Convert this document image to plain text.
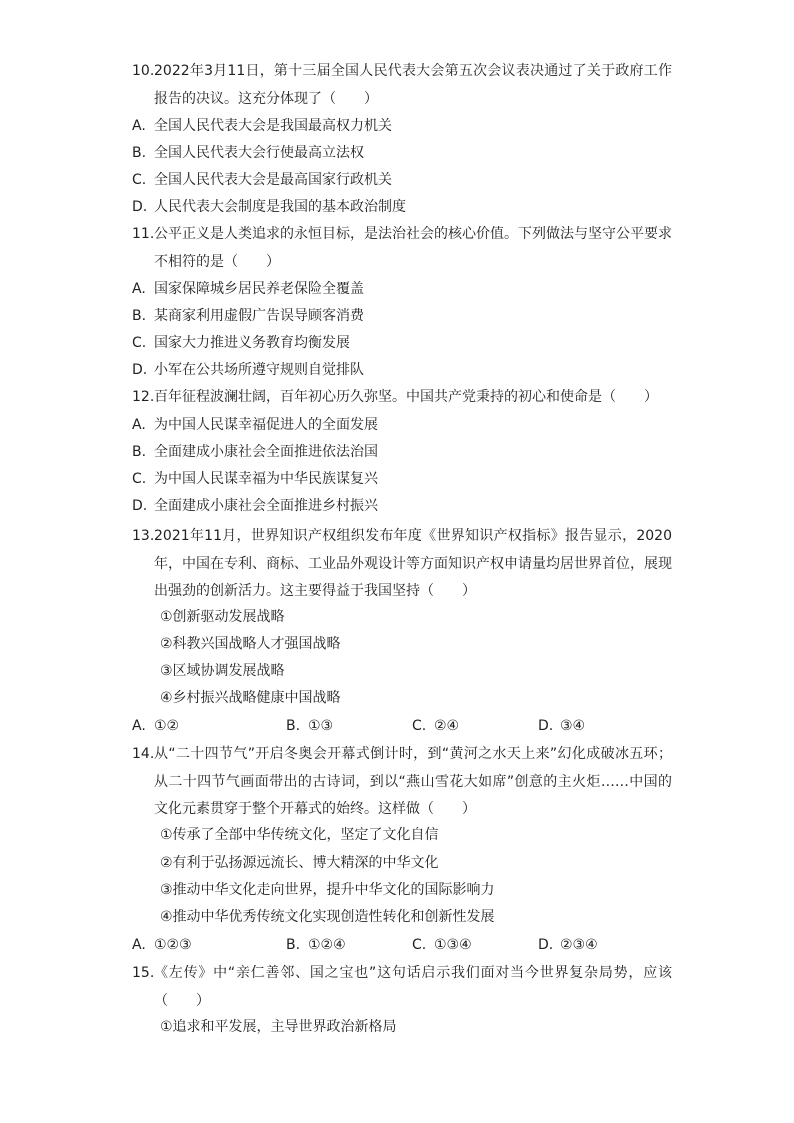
10. 2022年3月11日，第十三届全国人民代表大会第五次会议表决通过了关于政府工作报告的决议。这充分体现了（　　）
A. 全国人民代表大会是我国最高权力机关
B. 全国人民代表大会行使最高立法权
C. 全国人民代表大会是最高国家行政机关
D. 人民代表大会制度是我国的基本政治制度
11. 公平正义是人类追求的永恒目标，是法治社会的核心价值。下列做法与坚守公平要求不相符的是（　　）
A. 国家保障城乡居民养老保险全覆盖
B. 某商家利用虚假广告误导顾客消费
C. 国家大力推进义务教育均衡发展
D. 小军在公共场所遵守规则自觉排队
12. 百年征程波澜壮阔，百年初心历久弥坚。中国共产党秉持的初心和使命是（　　）
A. 为中国人民谋幸福促进人的全面发展
B. 全面建成小康社会全面推进依法治国
C. 为中国人民谋幸福为中华民族谋复兴
D. 全面建成小康社会全面推进乡村振兴
13. 2021年11月，世界知识产权组织发布年度《世界知识产权指标》报告显示，2020年，中国在专利、商标、工业品外观设计等方面知识产权申请量均居世界首位，展现出强劲的创新活力。这主要得益于我国坚持（　　）
①创新驱动发展战略
②科教兴国战略人才强国战略
③区域协调发展战略
④乡村振兴战略健康中国战略
A. ①②	B. ①③	C. ②④	D. ③④
14. 从“二十四节气”开启冬奥会开幕式倒计时，到“黄河之水天上来”幻化成破冰五环；从二十四节气画面带出的古诗词，到以“燕山雪花大如席”创意的主火炬……中国的文化元素贯穿于整个开幕式的始终。这样做（　　）
①传承了全部中华传统文化，坚定了文化自信
②有利于弘扬源远流长、博大精深的中华文化
③推动中华文化走向世界，提升中华文化的国际影响力
④推动中华优秀传统文化实现创造性转化和创新性发展
A. ①②③	B. ①②④	C. ①③④	D. ②③④
15. 《左传》中“亲仁善邻、国之宝也”这句话启示我们面对当今世界复杂局势，应该（　　）
①追求和平发展，主导世界政治新格局
